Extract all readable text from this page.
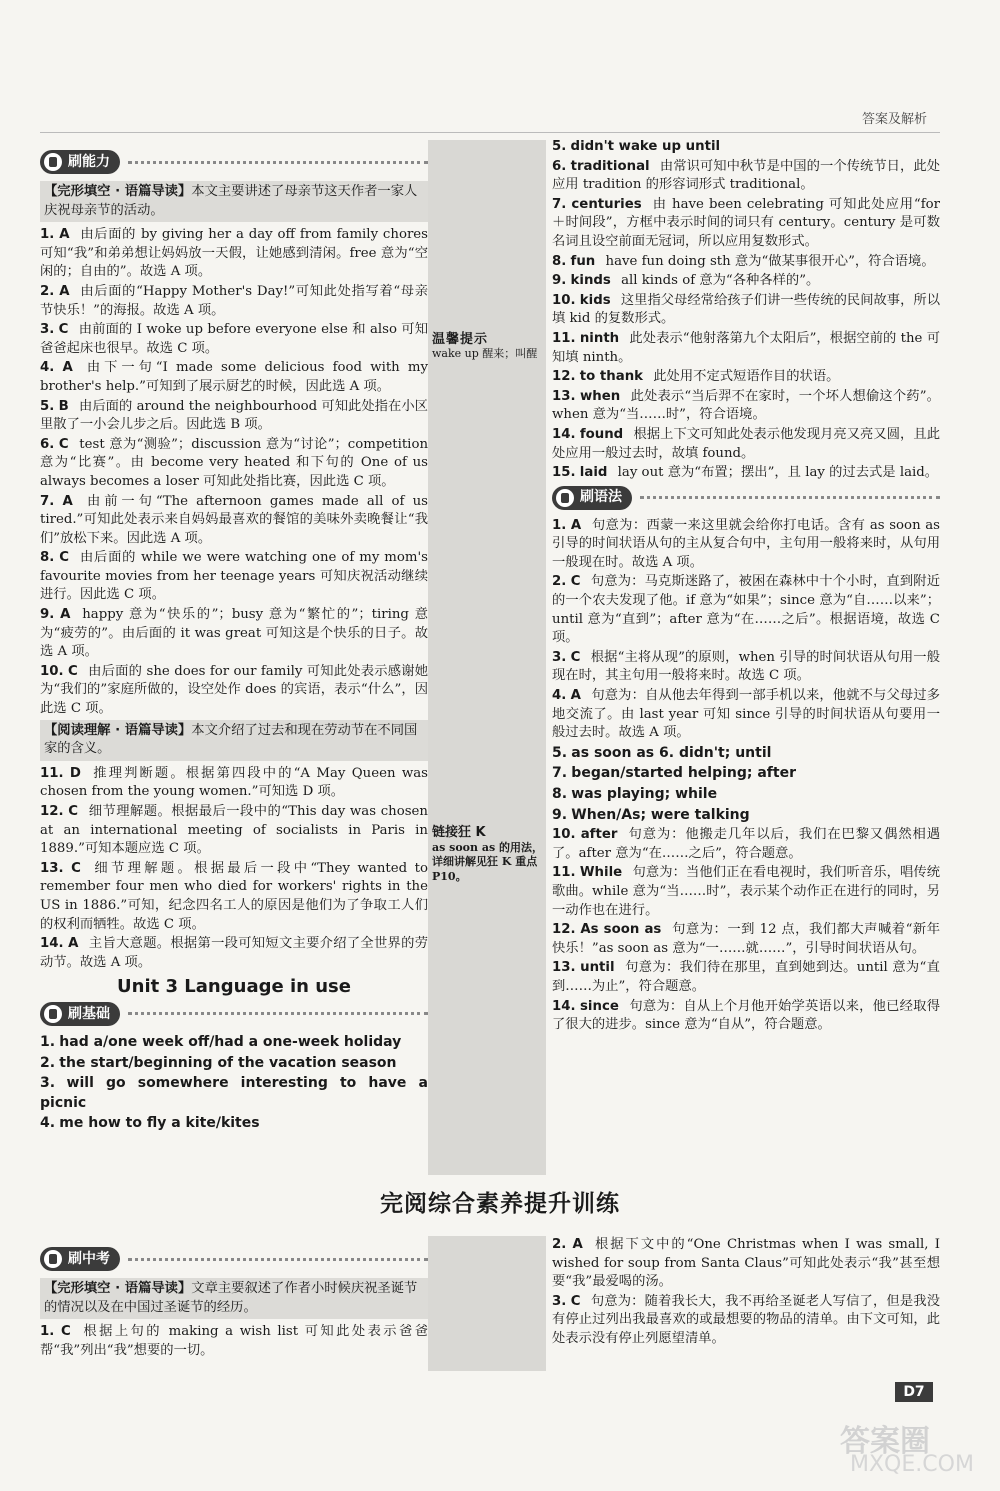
答案及解析
温馨提示
wake up 醒来；叫醒
链接狂 K
as soon as 的用法，详细讲解见狂 K 重点 P10。
刷能力
【完形填空 · 语篇导读】本文主要讲述了母亲节这天作者一家人庆祝母亲节的活动。
1. A 由后面的 by giving her a day off from family chores 可知“我”和弟弟想让妈妈放一天假，让她感到清闲。free 意为“空闲的；自由的”。故选 A 项。
2. A 由后面的“Happy Mother's Day!”可知此处指写着“母亲节快乐！”的海报。故选 A 项。
3. C 由前面的 I woke up before everyone else 和 also 可知爸爸起床也很早。故选 C 项。
4. A 由下一句“I made some delicious food with my brother's help.”可知到了展示厨艺的时候，因此选 A 项。
5. B 由后面的 around the neighbourhood 可知此处指在小区里散了一小会儿步之后。因此选 B 项。
6. C test 意为“测验”；discussion 意为“讨论”；competition 意为“比赛”。由 become very heated 和下句的 One of us always becomes a loser 可知此处指比赛，因此选 C 项。
7. A 由前一句“The afternoon games made all of us tired.”可知此处表示来自妈妈最喜欢的餐馆的美味外卖晚餐让“我们”放松下来。因此选 A 项。
8. C 由后面的 while we were watching one of my mom's favourite movies from her teenage years 可知庆祝活动继续进行。因此选 C 项。
9. A happy 意为“快乐的”；busy 意为“繁忙的”；tiring 意为“疲劳的”。由后面的 it was great 可知这是个快乐的日子。故选 A 项。
10. C 由后面的 she does for our family 可知此处表示感谢她为“我们的”家庭所做的，设空处作 does 的宾语，表示“什么”，因此选 C 项。
【阅读理解 · 语篇导读】本文介绍了过去和现在劳动节在不同国家的含义。
11. D 推理判断题。根据第四段中的“A May Queen was chosen from the young women.”可知选 D 项。
12. C 细节理解题。根据最后一段中的“This day was chosen at an international meeting of socialists in Paris in 1889.”可知本题应选 C 项。
13. C 细节理解题。根据最后一段中“They wanted to remember four men who died for workers' rights in the US in 1886.”可知，纪念四名工人的原因是他们为了争取工人们的权利而牺牲。故选 C 项。
14. A 主旨大意题。根据第一段可知短文主要介绍了全世界的劳动节。故选 A 项。
Unit 3 Language in use
刷基础
1. had a/one week off/had a one-week holiday
2. the start/beginning of the vacation season
3. will go somewhere interesting to have a picnic
4. me how to fly a kite/kites
5. didn't wake up until
6. traditional 由常识可知中秋节是中国的一个传统节日，此处应用 tradition 的形容词形式 traditional。
7. centuries 由 have been celebrating 可知此处应用“for＋时间段”，方框中表示时间的词只有 century。century 是可数名词且设空前面无冠词，所以应用复数形式。
8. fun have fun doing sth 意为“做某事很开心”，符合语境。
9. kinds all kinds of 意为“各种各样的”。
10. kids 这里指父母经常给孩子们讲一些传统的民间故事，所以填 kid 的复数形式。
11. ninth 此处表示“他射落第九个太阳后”，根据空前的 the 可知填 ninth。
12. to thank 此处用不定式短语作目的状语。
13. when 此处表示“当后羿不在家时，一个坏人想偷这个药”。when 意为“当……时”，符合语境。
14. found 根据上下文可知此处表示他发现月亮又亮又圆，且此处应用一般过去时，故填 found。
15. laid lay out 意为“布置；摆出”，且 lay 的过去式是 laid。
刷语法
1. A 句意为：西蒙一来这里就会给你打电话。含有 as soon as 引导的时间状语从句的主从复合句中，主句用一般将来时，从句用一般现在时。故选 A 项。
2. C 句意为：马克斯迷路了，被困在森林中十个小时，直到附近的一个农夫发现了他。if 意为“如果”；since 意为“自……以来”；until 意为“直到”；after 意为“在……之后”。根据语境，故选 C 项。
3. C 根据“主将从现”的原则，when 引导的时间状语从句用一般现在时，其主句用一般将来时。故选 C 项。
4. A 句意为：自从他去年得到一部手机以来，他就不与父母过多地交流了。由 last year 可知 since 引导的时间状语从句要用一般过去时。故选 A 项。
5. as soon as 6. didn't; until
7. began/started helping; after
8. was playing; while
9. When/As; were talking
10. after 句意为：他搬走几年以后，我们在巴黎又偶然相遇了。after 意为“在……之后”，符合题意。
11. While 句意为：当他们正在看电视时，我们听音乐，唱传统歌曲。while 意为“当……时”，表示某个动作正在进行的同时，另一动作也在进行。
12. As soon as 句意为：一到 12 点，我们都大声喊着“新年快乐！”as soon as 意为“一……就……”，引导时间状语从句。
13. until 句意为：我们待在那里，直到她到达。until 意为“直到……为止”，符合题意。
14. since 句意为：自从上个月他开始学英语以来，他已经取得了很大的进步。since 意为“自从”，符合题意。
完阅综合素养提升训练
刷中考
【完形填空 · 语篇导读】文章主要叙述了作者小时候庆祝圣诞节的情况以及在中国过圣诞节的经历。
1. C 根据上句的 making a wish list 可知此处表示爸爸帮“我”列出“我”想要的一切。
2. A 根据下文中的“One Christmas when I was small, I wished for soup from Santa Claus”可知此处表示“我”甚至想要“我”最爱喝的汤。
3. C 句意为：随着我长大，我不再给圣诞老人写信了，但是我没有停止过列出我最喜欢的或最想要的物品的清单。由下文可知，此处表示没有停止列愿望清单。
D7
答案圈
MXQE.COM
